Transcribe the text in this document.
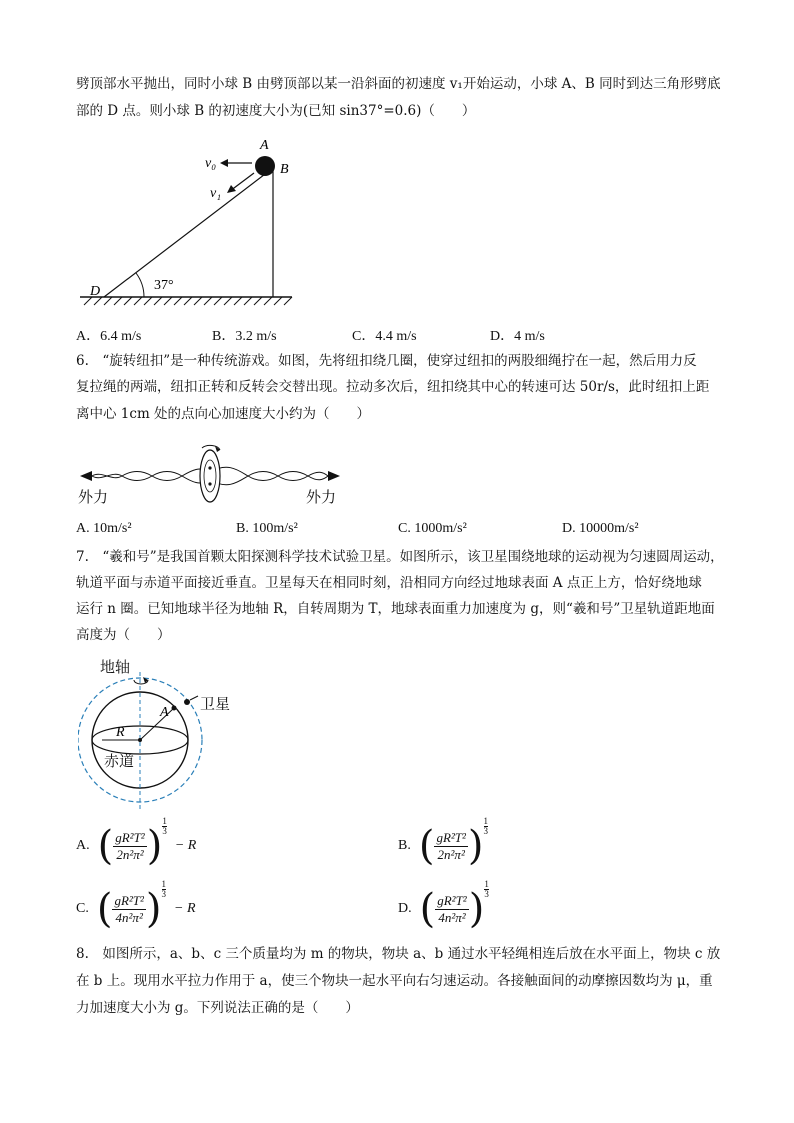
劈顶部水平抛出，同时小球 B 由劈顶部以某一沿斜面的初速度 v₁开始运动，小球 A、B 同时到达三角形劈底
部的 D 点。则小球 B 的初速度大小为(已知 sin37°=0.6)（　　）
A
B
D
v₀
v₁
37°
A．6.4 m/s	B．3.2 m/s	C．4.4 m/s	D．4 m/s
6.　“旋转纽扣”是一种传统游戏。如图，先将纽扣绕几圈，使穿过纽扣的两股细绳拧在一起，然后用力反
复拉绳的两端，纽扣正转和反转会交替出现。拉动多次后，纽扣绕其中心的转速可达 50r/s，此时纽扣上距
离中心 1cm 处的点向心加速度大小约为（　　）
外力	外力
A. 10m/s²	B. 100m/s²	C. 1000m/s²	D. 10000m/s²
7.　“羲和号”是我国首颗太阳探测科学技术试验卫星。如图所示，该卫星围绕地球的运动视为匀速圆周运动，
轨道平面与赤道平面接近垂直。卫星每天在相同时刻，沿相同方向经过地球表面 A 点正上方，恰好绕地球
运行 n 圈。已知地球半径为地轴 R，自转周期为 T，地球表面重力加速度为 g，则“羲和号”卫星轨道距地面
高度为（　　）
A
R
地轴
卫星
赤道
A. ( $\frac{\text{gR²T²}}{\text{2n²π²}}$ ) $\frac{1}{3}$
− R	B. ( $\frac{\text{gR²T²}}{\text{2n²π²}}$ ) $\frac{1}{3}$
C. ( $\frac{\text{gR²T²}}{\text{4n²π²}}$ ) $\frac{1}{3}$
− R	D. ( $\frac{\text{gR²T²}}{\text{4n²π²}}$ ) $\frac{1}{3}$
8.　如图所示，a、b、c 三个质量均为 m 的物块，物块 a、b 通过水平轻绳相连后放在水平面上，物块 c 放
在 b 上。现用水平拉力作用于 a，使三个物块一起水平向右匀速运动。各接触面间的动摩擦因数均为 μ，重
力加速度大小为 g。下列说法正确的是（　　）
